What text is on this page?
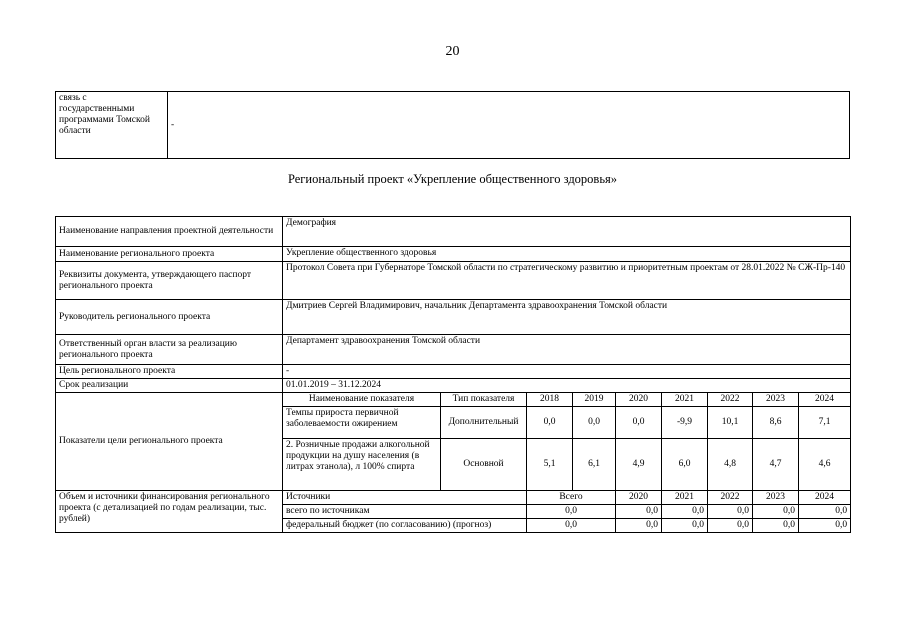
20
связь с государственными программами Томской области	-
Региональный проект «Укрепление общественного здоровья»
Наименование направления проектной деятельности	Демография								
Наименование регионального проекта	Укрепление общественного здоровья								
Реквизиты документа, утверждающего паспорт регионального проекта	Протокол Совета при Губернаторе Томской области по стратегическому развитию и приоритетным проектам от 28.01.2022 № СЖ-Пр-140								
Руководитель регионального проекта	Дмитриев Сергей Владимирович, начальник Департамента здравоохранения Томской области								
Ответственный орган власти за реализацию регионального проекта	Департамент здравоохранения Томской области								
Цель регионального проекта	-								
Срок реализации	01.01.2019 – 31.12.2024								
Показатели цели регионального проекта	Наименование показателя	Тип показателя	2018	2019	2020	2021	2022	2023	2024
	Темпы прироста первичной заболеваемости ожирением	Дополнительный	0,0	0,0	0,0	-9,9	10,1	8,6	7,1
	2. Розничные продажи алкогольной продукции на душу населения (в литрах этанола), л 100% спирта	Основной	5,1	6,1	4,9	6,0	4,8	4,7	4,6
Объем и источники финансирования регионального проекта (с детализацией по годам реализации, тыс. рублей)	Источники		Всего		2020	2021	2022	2023	2024
	всего по источникам		0,0		0,0	0,0	0,0	0,0	0,0
	федеральный бюджет (по согласованию) (прогноз)		0,0		0,0	0,0	0,0	0,0	0,0
